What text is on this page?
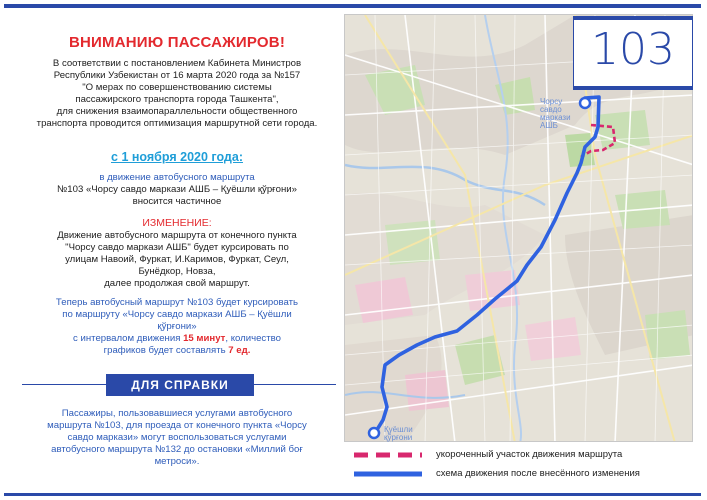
ВНИМАНИЮ ПАССАЖИРОВ!
В соответствии с постановлением Кабинета Министров
Республики Узбекистан от 16 марта 2020 года за №157
"О мерах по совершенствованию системы
пассажирского транспорта города Ташкента",
для снижения взаимопараллельности общественного
транспорта проводится оптимизация маршрутной сети города.
с 1 ноября 2020 года:
в движение автобусного маршрута
№103 «Чорсу савдо маркази АШБ – Қуёшли қўрғони»
вносится частичное
ИЗМЕНЕНИЕ:
Движение автобусного маршрута от конечного пункта
"Чорсу савдо маркази АШБ" будет курсировать по
улицам Навоий, Фуркат, И.Каримов, Фуркат, Сеул,
Бунёдкор, Новза,
далее продолжая свой маршрут.
Теперь автобусный маршрут №103 будет курсировать
по маршруту «Чорсу савдо маркази АШБ – Қуёшли
қўрғони»
с интервалом движения 15 минут, количество
графиков будет составлять 7 ед.
ДЛЯ СПРАВКИ
Пассажиры, пользовавшиеся услугами автобусного
маршрута №103, для проезда от конечного пункта «Чорсу
савдо маркази» могут воспользоваться услугами
автобусного маршрута №132 до остановки «Миллий боғ
метроси».
Чорсу
савдо
маркази
АШБ
Қуёшли
қўрғони
103
укороченный участок движения маршрута
схема движения после внесённого изменения
